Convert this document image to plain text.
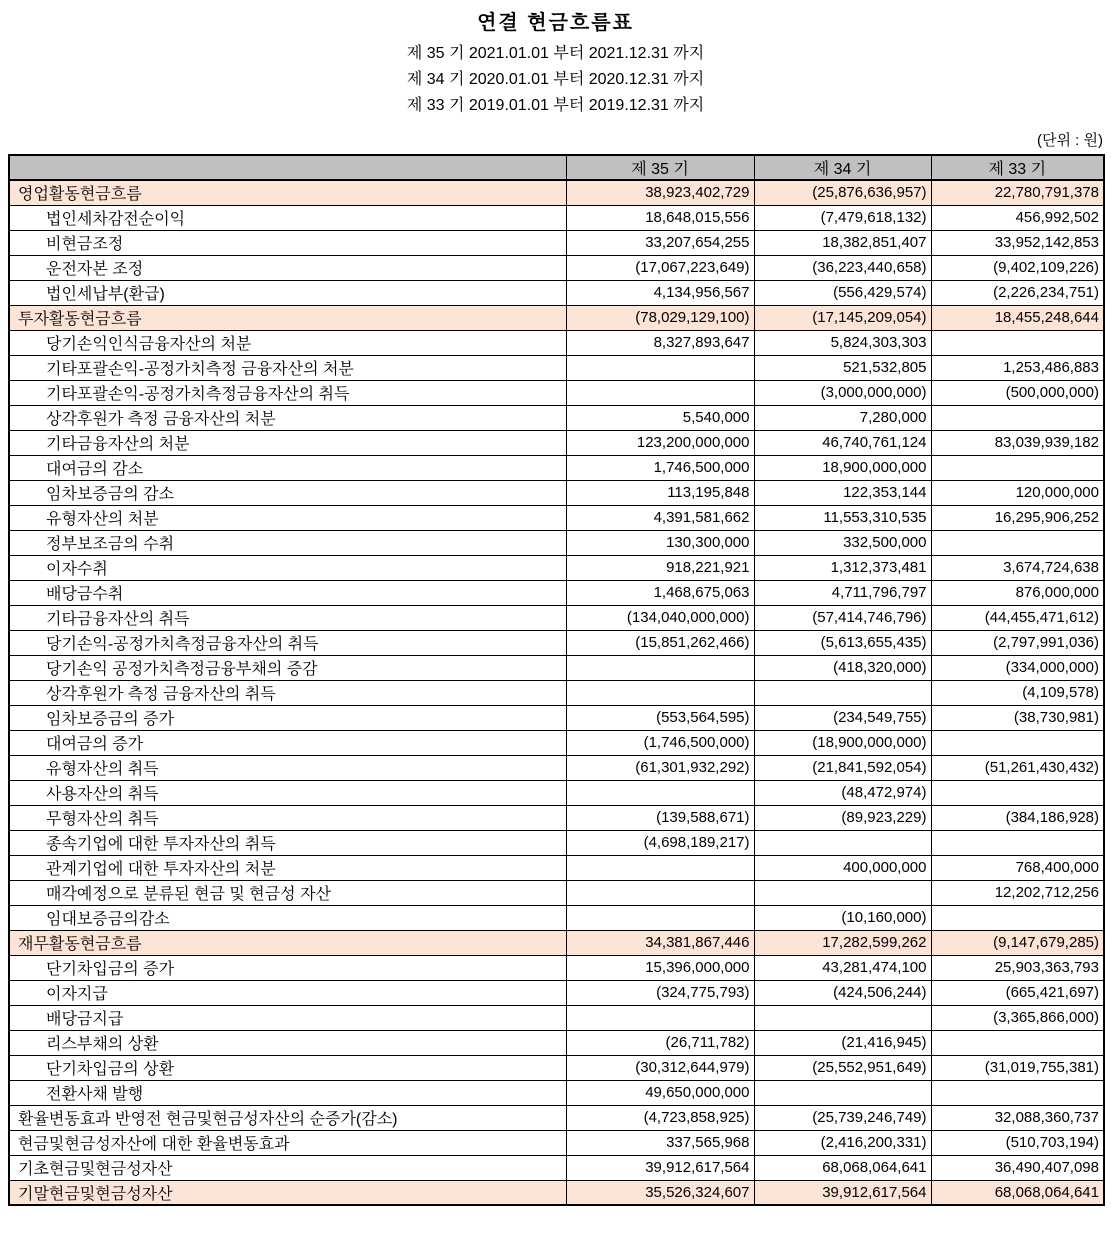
연결 현금흐름표
제 35 기 2021.01.01 부터 2021.12.31 까지
제 34 기 2020.01.01 부터 2020.12.31 까지
제 33 기 2019.01.01 부터 2019.12.31 까지
(단위 : 원)
	제 35 기	제 34 기	제 33 기
영업활동현금흐름	38,923,402,729	(25,876,636,957)	22,780,791,378
법인세차감전순이익	18,648,015,556	(7,479,618,132)	456,992,502
비현금조정	33,207,654,255	18,382,851,407	33,952,142,853
운전자본 조정	(17,067,223,649)	(36,223,440,658)	(9,402,109,226)
법인세납부(환급)	4,134,956,567	(556,429,574)	(2,226,234,751)
투자활동현금흐름	(78,029,129,100)	(17,145,209,054)	18,455,248,644
당기손익인식금융자산의 처분	8,327,893,647	5,824,303,303	
기타포괄손익-공정가치측정 금융자산의 처분		521,532,805	1,253,486,883
기타포괄손익-공정가치측정금융자산의 취득		(3,000,000,000)	(500,000,000)
상각후원가 측정 금융자산의 처분	5,540,000	7,280,000	
기타금융자산의 처분	123,200,000,000	46,740,761,124	83,039,939,182
대여금의 감소	1,746,500,000	18,900,000,000	
임차보증금의 감소	113,195,848	122,353,144	120,000,000
유형자산의 처분	4,391,581,662	11,553,310,535	16,295,906,252
정부보조금의 수취	130,300,000	332,500,000	
이자수취	918,221,921	1,312,373,481	3,674,724,638
배당금수취	1,468,675,063	4,711,796,797	876,000,000
기타금융자산의 취득	(134,040,000,000)	(57,414,746,796)	(44,455,471,612)
당기손익-공정가치측정금융자산의 취득	(15,851,262,466)	(5,613,655,435)	(2,797,991,036)
당기손익 공정가치측정금융부채의 증감		(418,320,000)	(334,000,000)
상각후원가 측정 금융자산의 취득			(4,109,578)
임차보증금의 증가	(553,564,595)	(234,549,755)	(38,730,981)
대여금의 증가	(1,746,500,000)	(18,900,000,000)	
유형자산의 취득	(61,301,932,292)	(21,841,592,054)	(51,261,430,432)
사용자산의 취득		(48,472,974)	
무형자산의 취득	(139,588,671)	(89,923,229)	(384,186,928)
종속기업에 대한 투자자산의 취득	(4,698,189,217)		
관계기업에 대한 투자자산의 처분		400,000,000	768,400,000
매각예정으로 분류된 현금 및 현금성 자산			12,202,712,256
임대보증금의감소		(10,160,000)	
재무활동현금흐름	34,381,867,446	17,282,599,262	(9,147,679,285)
단기차입금의 증가	15,396,000,000	43,281,474,100	25,903,363,793
이자지급	(324,775,793)	(424,506,244)	(665,421,697)
배당금지급			(3,365,866,000)
리스부채의 상환	(26,711,782)	(21,416,945)	
단기차입금의 상환	(30,312,644,979)	(25,552,951,649)	(31,019,755,381)
전환사채 발행	49,650,000,000		
환율변동효과 반영전 현금및현금성자산의 순증가(감소)	(4,723,858,925)	(25,739,246,749)	32,088,360,737
현금및현금성자산에 대한 환율변동효과	337,565,968	(2,416,200,331)	(510,703,194)
기초현금및현금성자산	39,912,617,564	68,068,064,641	36,490,407,098
기말현금및현금성자산	35,526,324,607	39,912,617,564	68,068,064,641
